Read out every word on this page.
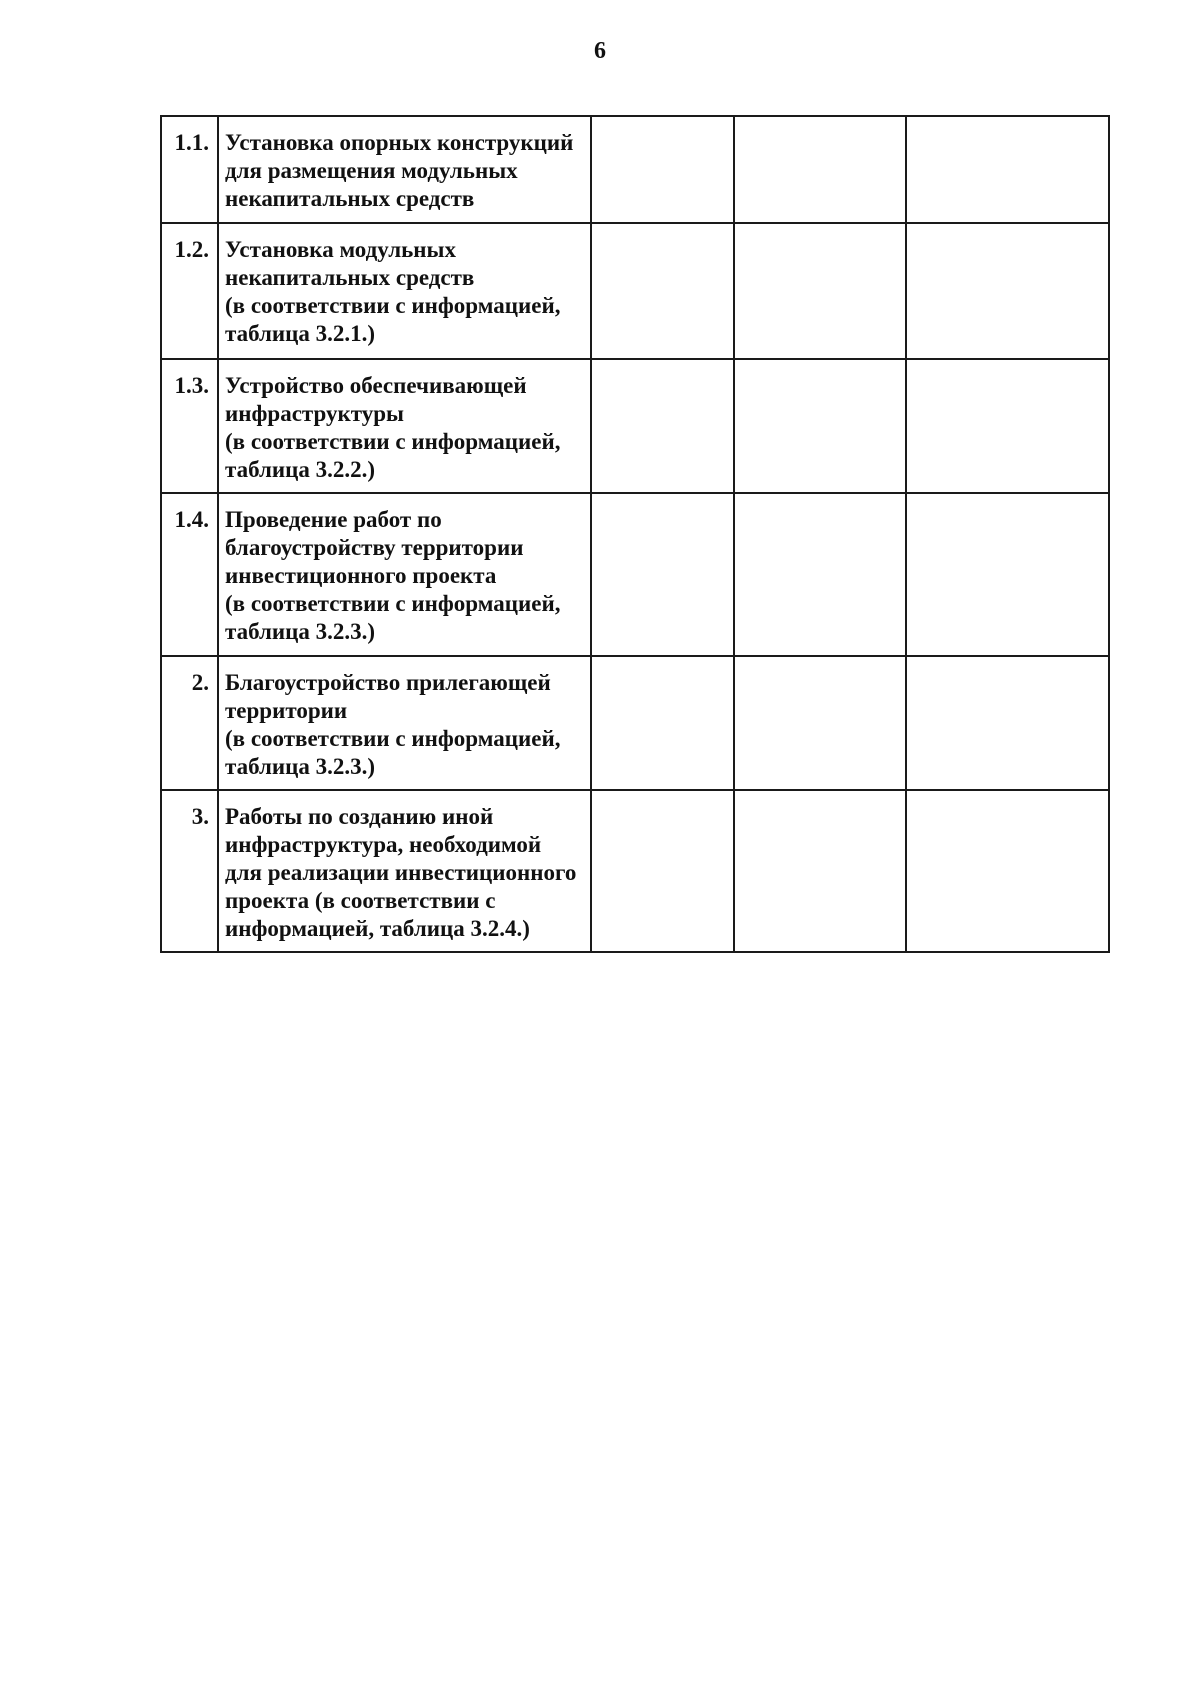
6
1.1.	Установка опорных конструкций
для размещения модульных
некапитальных средств			

1.2.	Установка модульных
некапитальных средств
(в соответствии с информацией,
таблица 3.2.1.)			

1.3.	Устройство обеспечивающей
инфраструктуры
(в соответствии с информацией,
таблица 3.2.2.)			

1.4.	Проведение работ по
благоустройству территории
инвестиционного проекта
(в соответствии с информацией,
таблица 3.2.3.)			

2.	Благоустройство прилегающей
территории
(в соответствии с информацией,
таблица 3.2.3.)			

3.	Работы по созданию иной
инфраструктура, необходимой
для реализации инвестиционного
проекта (в соответствии с
информацией, таблица 3.2.4.)			
